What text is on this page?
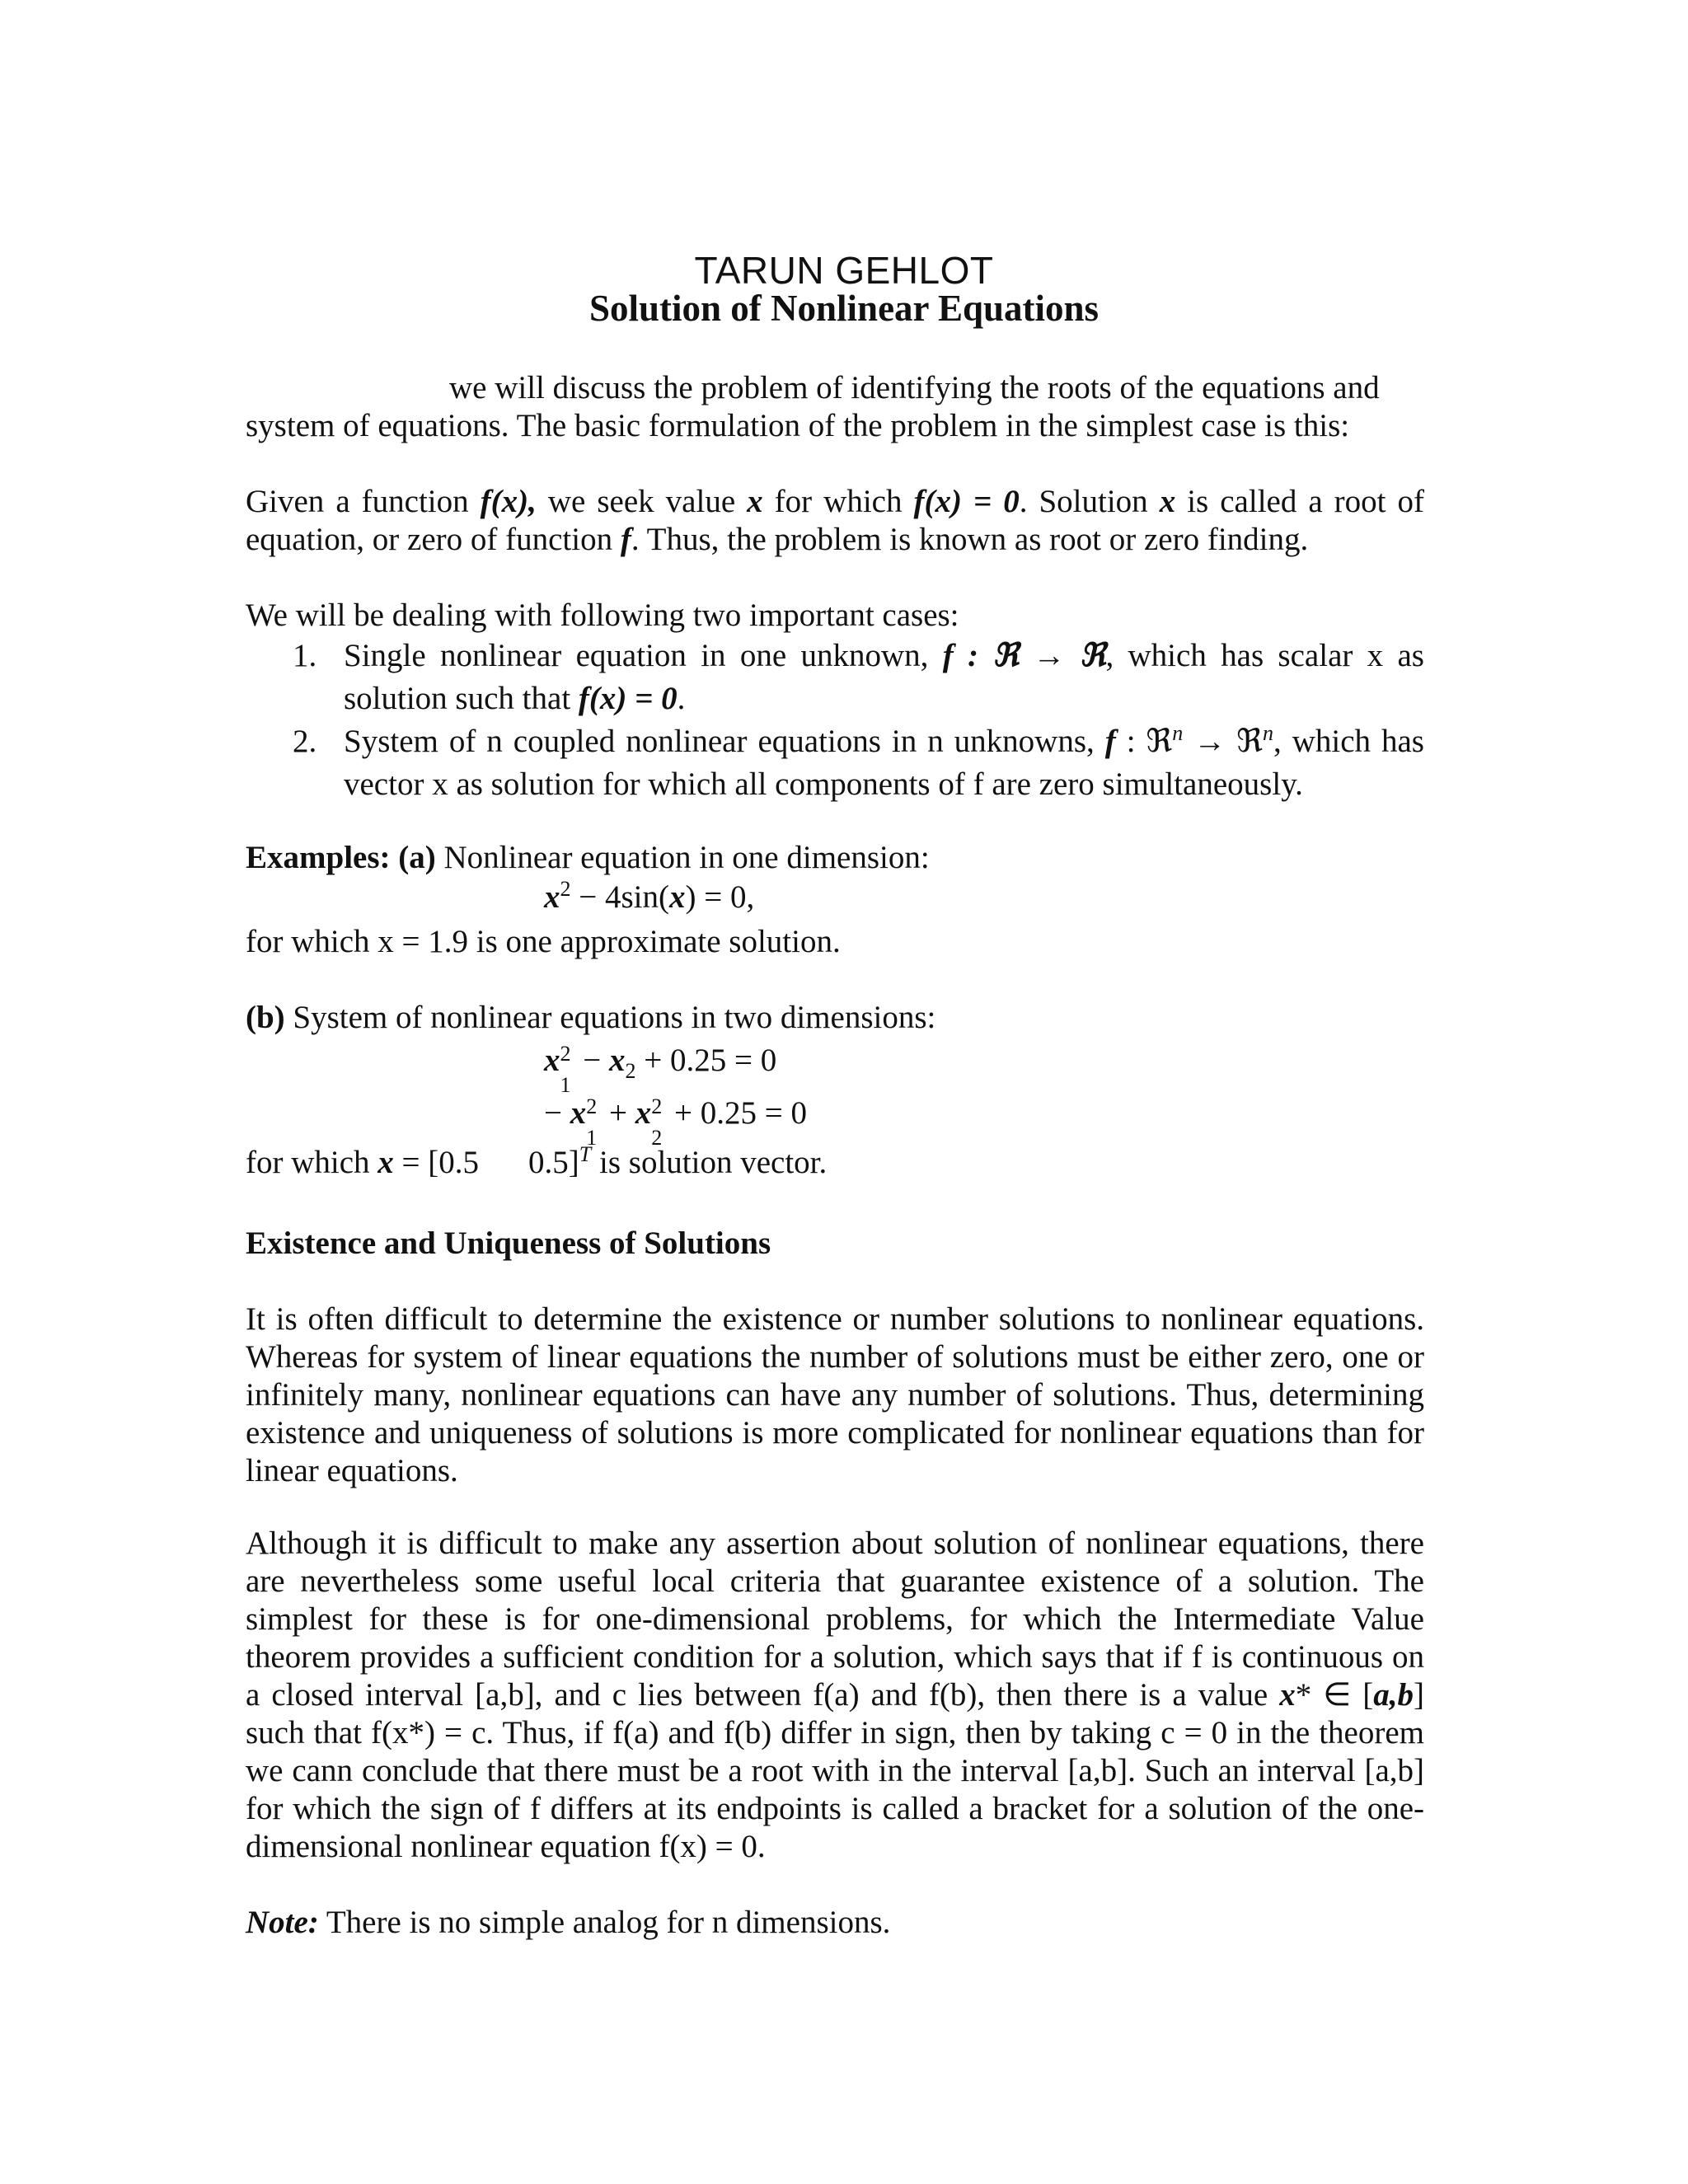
TARUN GEHLOT
Solution of Nonlinear Equations
we will discuss the problem of identifying the roots of the equations and
system of equations. The basic formulation of the problem in the simplest case is this:
Given a function f(x), we seek value x for which f(x) = 0. Solution x is called a root of
equation, or zero of function f. Thus, the problem is known as root or zero finding.
We will be dealing with following two important cases:
1. Single nonlinear equation in one unknown, f : ℜ → ℜ, which has scalar x as solution such that f(x) = 0.
2. System of n coupled nonlinear equations in n unknowns, f : ℜ$^n$ → ℜ$^n$, which has vector x as solution for which all components of f are zero simultaneously.
Examples: (a) Nonlinear equation in one dimension:
$x^2 - 4\sin(x) = 0$,
for which x = 1.9 is one approximate solution.
(b) System of nonlinear equations in two dimensions:
x 2
1
− $x_2 + 0.25 = 0$
− x 2
1
+ x 2
2
+ 0.25 = 0
for which x = [0.5 0.5]$^T$ is solution vector.
Existence and Uniqueness of Solutions

It is often difficult to determine the existence or number solutions to nonlinear equations. Whereas for system of linear equations the number of solutions must be either zero, one or infinitely many, nonlinear equations can have any number of solutions. Thus, determining existence and uniqueness of solutions is more complicated for nonlinear equations than for linear equations.

Although it is difficult to make any assertion about solution of nonlinear equations, there are nevertheless some useful local criteria that guarantee existence of a solution. The simplest for these is for one-dimensional problems, for which the Intermediate Value theorem provides a sufficient condition for a solution, which says that if f is continuous on a closed interval [a,b], and c lies between f(a) and f(b), then there is a value x* ∈ [a,b] such that f(x*) = c. Thus, if f(a) and f(b) differ in sign, then by taking c = 0 in the theorem we cann conclude that there must be a root with in the interval [a,b]. Such an interval [a,b] for which the sign of f differs at its endpoints is called a bracket for a solution of the one-dimensional nonlinear equation f(x) = 0.

Note: There is no simple analog for n dimensions.
